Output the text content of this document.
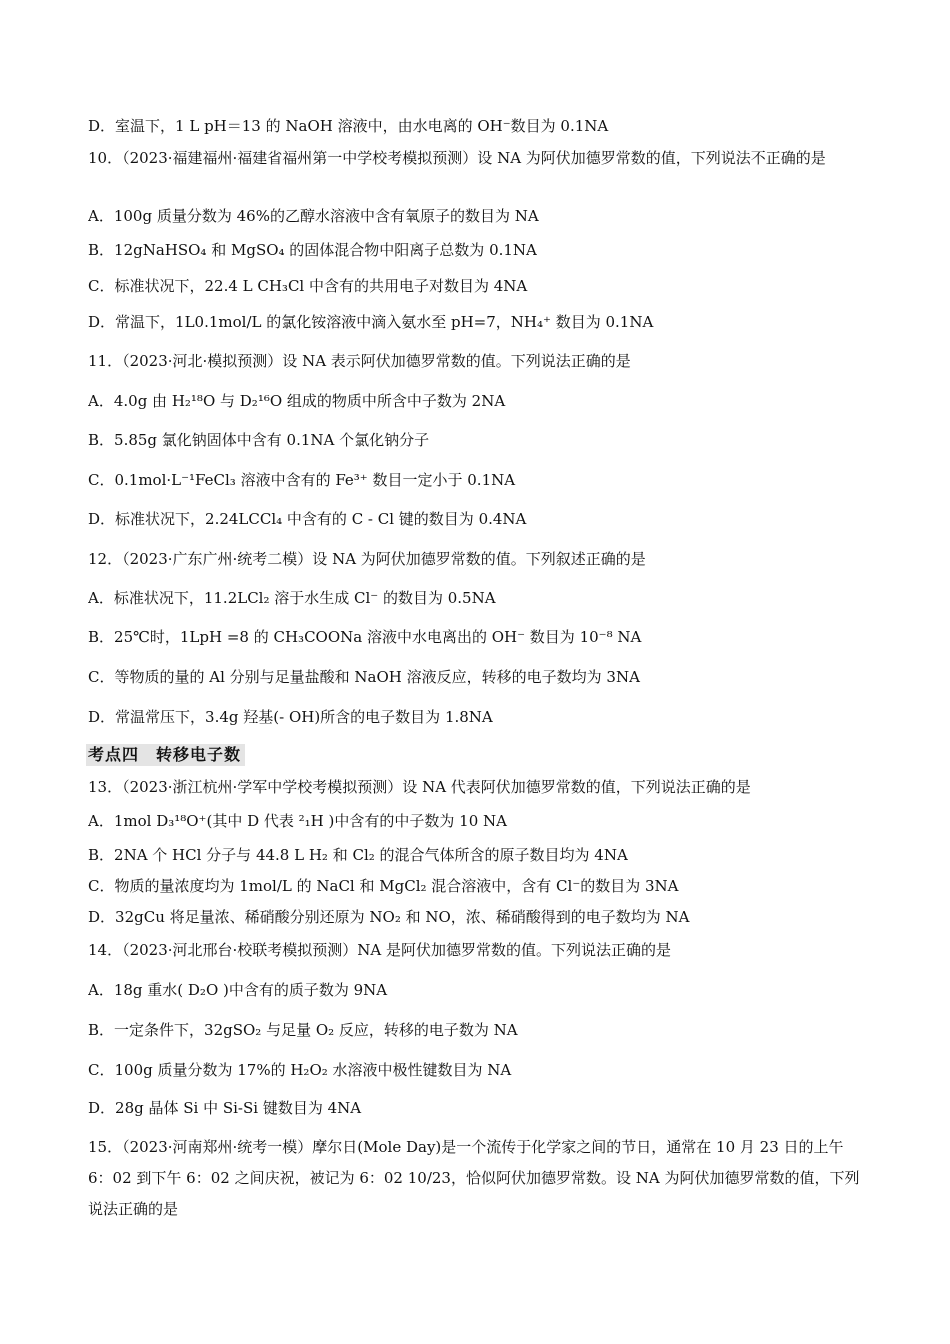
D．室温下，1 L pH＝13 的 NaOH 溶液中，由水电离的 OH⁻数目为 0.1NA
10．（2023·福建福州·福建省福州第一中学校考模拟预测）设 NA 为阿伏加德罗常数的值，下列说法不正确的是
A．100g 质量分数为 46%的乙醇水溶液中含有氧原子的数目为 NA
B．12gNaHSO₄ 和 MgSO₄ 的固体混合物中阳离子总数为 0.1NA
C．标准状况下，22.4 L CH₃Cl 中含有的共用电子对数目为 4NA
D．常温下，1L0.1mol/L 的氯化铵溶液中滴入氨水至 pH=7，NH₄⁺ 数目为 0.1NA
11．（2023·河北·模拟预测）设 NA 表示阿伏加德罗常数的值。下列说法正确的是
A．4.0g 由 H₂¹⁸O 与 D₂¹⁶O 组成的物质中所含中子数为 2NA
B．5.85g 氯化钠固体中含有 0.1NA 个氯化钠分子
C．0.1mol·L⁻¹FeCl₃ 溶液中含有的 Fe³⁺ 数目一定小于 0.1NA
D．标准状况下，2.24LCCl₄ 中含有的 C - Cl 键的数目为 0.4NA
12．（2023·广东广州·统考二模）设 NA 为阿伏加德罗常数的值。下列叙述正确的是
A．标准状况下，11.2LCl₂ 溶于水生成 Cl⁻ 的数目为 0.5NA
B．25℃时，1LpH =8 的 CH₃COONa 溶液中水电离出的 OH⁻ 数目为 10⁻⁸ NA
C．等物质的量的 Al 分别与足量盐酸和 NaOH 溶液反应，转移的电子数均为 3NA
D．常温常压下，3.4g 羟基(- OH)所含的电子数目为 1.8NA
考点四　转移电子数
13．（2023·浙江杭州·学军中学校考模拟预测）设 NA 代表阿伏加德罗常数的值，下列说法正确的是
A．1mol D₃¹⁸O⁺(其中 D 代表 ²₁H )中含有的中子数为 10 NA
B．2NA 个 HCl 分子与 44.8 L H₂ 和 Cl₂ 的混合气体所含的原子数目均为 4NA
C．物质的量浓度均为 1mol/L 的 NaCl 和 MgCl₂ 混合溶液中，含有 Cl⁻的数目为 3NA
D．32gCu 将足量浓、稀硝酸分别还原为 NO₂ 和 NO，浓、稀硝酸得到的电子数均为 NA
14．（2023·河北邢台·校联考模拟预测）NA 是阿伏加德罗常数的值。下列说法正确的是
A．18g 重水( D₂O )中含有的质子数为 9NA
B．一定条件下，32gSO₂ 与足量 O₂ 反应，转移的电子数为 NA
C．100g 质量分数为 17%的 H₂O₂ 水溶液中极性键数目为 NA
D．28g 晶体 Si 中 Si-Si 键数目为 4NA
15．（2023·河南郑州·统考一模）摩尔日(Mole Day)是一个流传于化学家之间的节日，通常在 10 月 23 日的上午 6：02 到下午 6：02 之间庆祝，被记为 6：02 10/23，恰似阿伏加德罗常数。设 NA 为阿伏加德罗常数的值，下列说法正确的是
